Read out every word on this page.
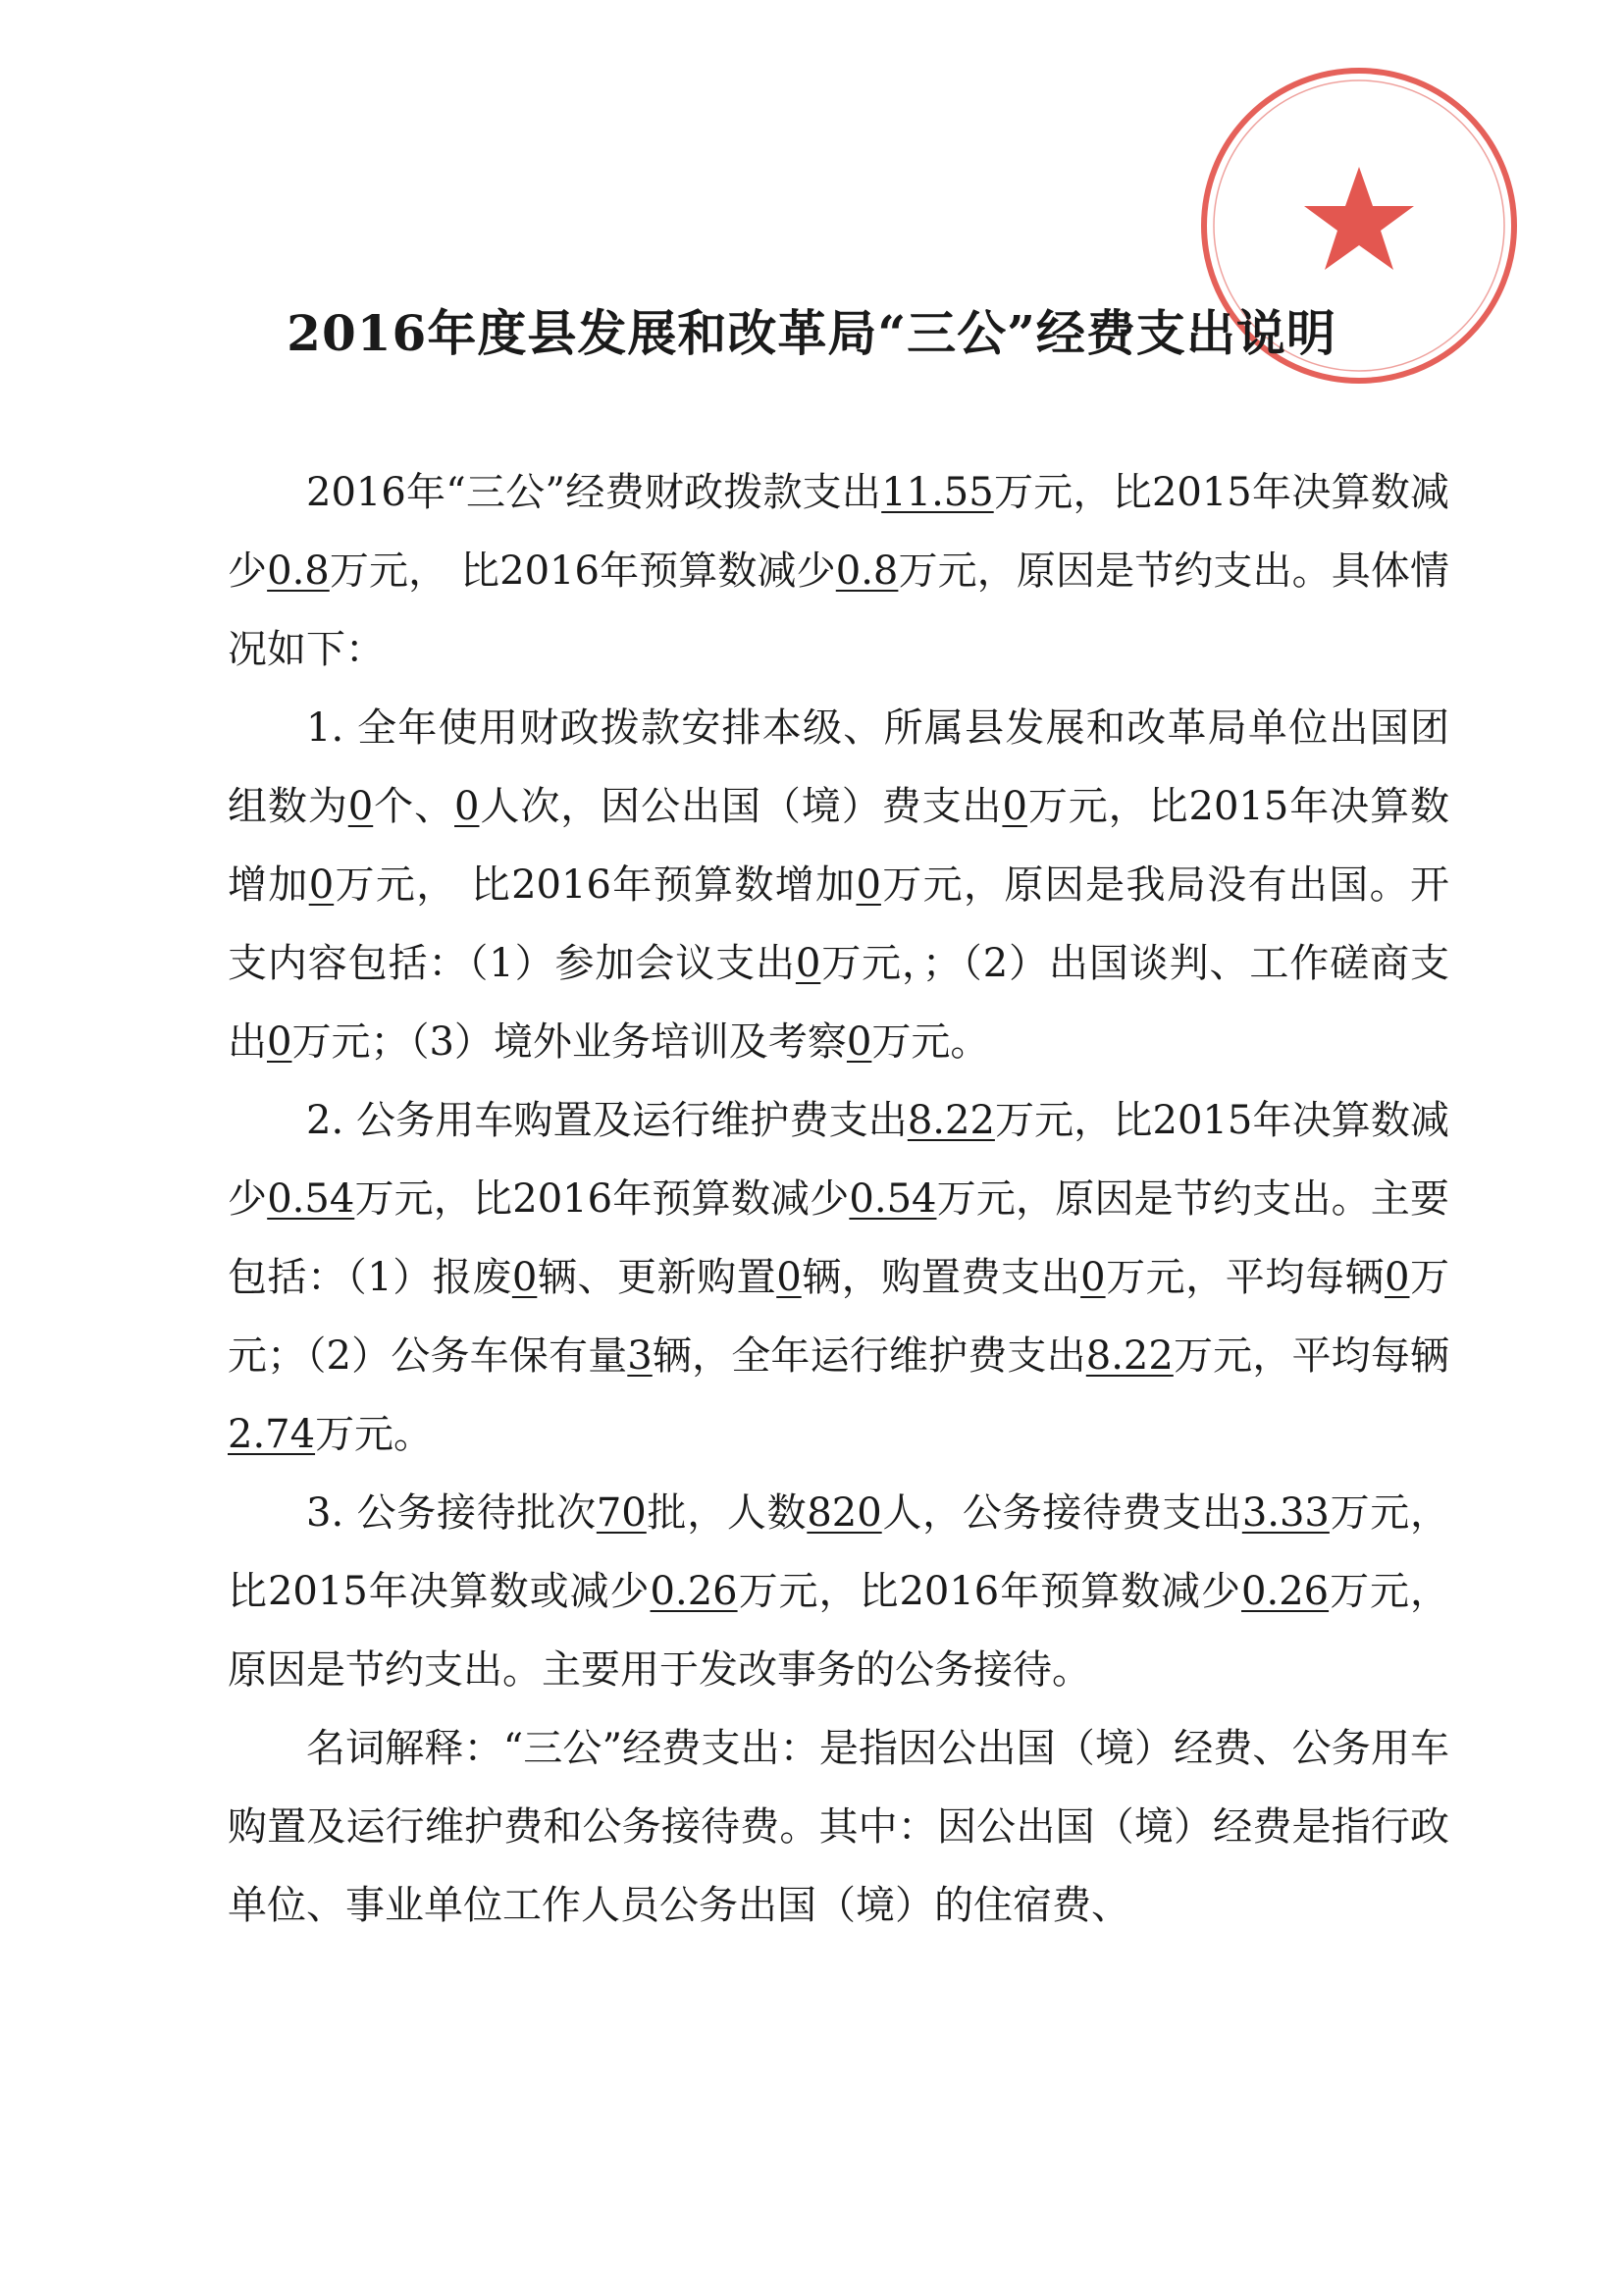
2016年度县发展和改革局“三公”经费支出说明

2016年“三公”经费财政拨款支出11.55万元，比2015年决算数减少0.8万元， 比2016年预算数减少0.8万元，原因是节约支出。具体情况如下：

1. 全年使用财政拨款安排本级、所属县发展和改革局单位出国团组数为0个、0人次，因公出国（境）费支出0万元，比2015年决算数增加0万元， 比2016年预算数增加0万元，原因是我局没有出国。开支内容包括：（1）参加会议支出0万元，；（2）出国谈判、工作磋商支出0万元；（3）境外业务培训及考察0万元。

2. 公务用车购置及运行维护费支出8.22万元，比2015年决算数减少0.54万元，比2016年预算数减少0.54万元，原因是节约支出。主要包括：（1）报废0辆、更新购置0辆，购置费支出0万元，平均每辆0万元；（2）公务车保有量3辆，全年运行维护费支出8.22万元，平均每辆2.74万元。

3. 公务接待批次70批，人数820人，公务接待费支出3.33万元，比2015年决算数或减少0.26万元，比2016年预算数减少0.26万元，原因是节约支出。主要用于发改事务的公务接待。

名词解释：“三公”经费支出：是指因公出国（境）经费、公务用车购置及运行维护费和公务接待费。其中：因公出国（境）经费是指行政单位、事业单位工作人员公务出国（境）的住宿费、
